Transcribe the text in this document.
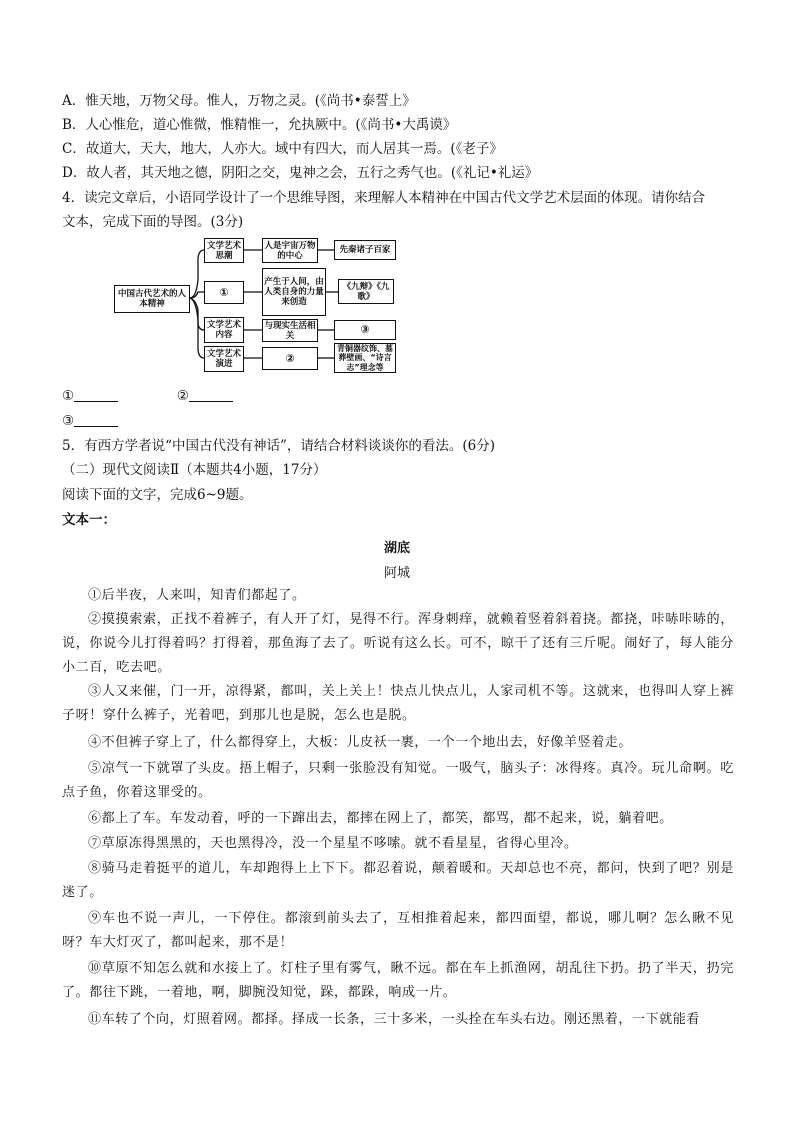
A．惟天地，万物父母。惟人，万物之灵。(《尚书•泰誓上》
B．人心惟危，道心惟微，惟精惟一，允执厥中。(《尚书•大禹谟》
C．故道大，天大，地大，人亦大。域中有四大，而人居其一焉。(《老子》
D．故人者，其天地之德，阴阳之交，鬼神之会，五行之秀气也。(《礼记•礼运》
4．读完文章后，小语同学设计了一个思维导图，来理解人本精神在中国古代文学艺术层面的体现。请你结合
文本，完成下面的导图。(3分)
中国古代艺术的人本精神
文学艺术思潮
人是宇宙万物的中心
先秦诸子百家
①
产生于人间，由人类自身的力量来创造
《九辩》《九歌》
文学艺术内容
与现实生活相关	③
文学艺术演进	②
青铜器纹饰、墓葬壁画、“诗言志”理念等
①	②
③
5．有西方学者说“中国古代没有神话”，请结合材料谈谈你的看法。(6分)
（二）现代文阅读Ⅱ（本题共4小题，17分）
阅读下面的文字，完成6~9题。
文本一：
湖底
阿城
①后半夜，人来叫，知青们都起了。
②摸摸索索，正找不着裤子，有人开了灯，晃得不行。浑身刺痒，就赖着竖着斜着挠。都挠，咔哧咔哧的，说，你说今儿打得着吗？打得着，那鱼海了去了。听说有这么长。可不，晾干了还有三斤呢。闹好了，每人能分小二百，吃去吧。
③人又来催，门一开，凉得紧，都叫，关上关上！快点儿快点儿，人家司机不等。这就来，也得叫人穿上裤子呀！穿什么裤子，光着吧，到那儿也是脱，怎么也是脱。
④不但裤子穿上了，什么都得穿上，大板：儿皮袄一裹，一个一个地出去，好像羊竖着走。
⑤凉气一下就罩了头皮。捂上帽子，只剩一张脸没有知觉。一吸气，脑头子：冰得疼。真冷。玩儿命啊。吃点子鱼，你着这罪受的。
⑥都上了车。车发动着，呼的一下蹿出去，都摔在网上了，都笑，都骂，都不起来，说，躺着吧。
⑦草原冻得黑黑的，天也黑得冷，没一个星星不哆嗦。就不看星星，省得心里冷。
⑧骑马走着挺平的道儿，车却跑得上上下下。都忍着说，颠着暖和。天却总也不亮，都问，快到了吧？别是迷了。
⑨车也不说一声儿，一下停住。都滚到前头去了，互相推着起来，都四面望，都说，哪儿啊？怎么瞅不见呀？车大灯灭了，都叫起来，那不是！
⑩草原不知怎么就和水接上了。灯柱子里有雾气，瞅不远。都在车上抓渔网，胡乱往下扔。扔了半天，扔完了。都往下跳，一着地，啊，脚腕没知觉，跺，都跺，响成一片。
⑪车转了个向，灯照着网。都择。择成一长条，三十多米，一头拴在车头右边。刚还黑着，一下就能看
